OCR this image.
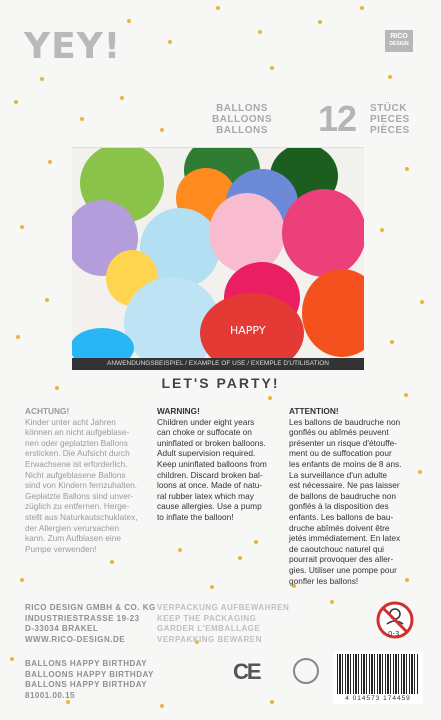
YEY!	RICO
DESIGN
BALLONS
BALLOONS
BALLONS	12 STÜCK
PIECES
PIÈCES
HAPPY
ANWENDUNGSBEISPIEL / EXAMPLE OF USE / EXEMPLE D'UTILISATION
LET'S PARTY!
ACHTUNG!
Kinder unter acht Jahren
können an nicht aufgeblase-
nen oder geplatzten Ballons
ersticken. Die Aufsicht durch
Erwachsene ist erforderlich.
Nicht aufgeblasene Ballons
sind von Kindern fernzuhalten.
Geplatzte Ballons sind unver-
züglich zu entfernen. Herge-
stellt aus Naturkautschuklatex,
der Allergien verursachen
kann. Zum Aufblasen eine
Pumpe verwenden!
WARNING!
Children under eight years
can choke or suffocate on
uninflated or broken balloons.
Adult supervision required.
Keep uninflated balloons from
children. Discard broken bal-
loons at once. Made of natu-
ral rubber latex which may
cause allergies. Use a pump
to inflate the balloon!
ATTENTION!
Les ballons de baudruche non
gonflés ou abîmés peuvent
présenter un risque d'étouffe-
ment ou de suffocation pour
les enfants de moins de 8 ans.
La surveillance d'un adulte
est nécessaire. Ne pas laisser
de ballons de baudruche non
gonflés à la disposition des
enfants. Les ballons de bau-
druche abîmés doivent être
jetés immédiatement. En latex
de caoutchouc naturel qui
pourrait provoquer des aller-
gies. Utiliser une pompe pour
gonfler les ballons!
RICO DESIGN GMBH & CO. KG
INDUSTRIESTRASSE 19-23
D-33034 BRAKEL
WWW.RICO-DESIGN.DE
VERPACKUNG AUFBEWAHREN
KEEP THE PACKAGING
GARDER L'EMBALLAGE
VERPAKKING BEWAREN
0-3
BALLONS HAPPY BIRTHDAY
BALLOONS HAPPY BIRTHDAY
BALLONS HAPPY BIRTHDAY
81001.00.15
CE
4 014573 174459
